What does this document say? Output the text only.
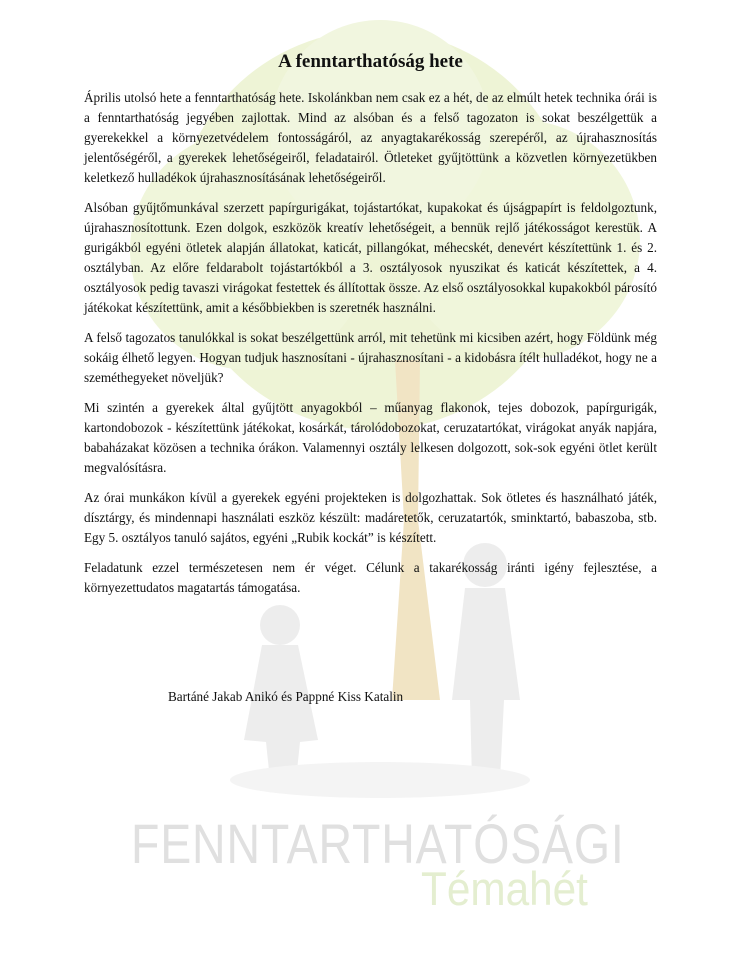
A fenntarthatóság hete

Április utolsó hete a fenntarthatóság hete. Iskolánkban nem csak ez a hét, de az elmúlt hetek technika órái is a fenntarthatóság jegyében zajlottak. Mind az alsóban és a felső tagozaton is sokat beszélgettük a gyerekekkel a környezetvédelem fontosságáról, az anyagtakarékosság szerepéről, az újrahasznosítás jelentőségéről, a gyerekek lehetőségeiről, feladatairól. Ötleteket gyűjtöttünk a közvetlen környezetükben keletkező hulladékok újrahasznosításának lehetőségeiről.

Alsóban gyűjtőmunkával szerzett papírgurigákat, tojástartókat, kupakokat és újságpapírt is feldolgoztunk, újrahasznosítottunk. Ezen dolgok, eszközök kreatív lehetőségeit, a bennük rejlő játékosságot kerestük. A gurigákból egyéni ötletek alapján állatokat, katicát, pillangókat, méhecskét, denevért készítettünk 1. és 2. osztályban. Az előre feldarabolt tojástartókból a 3. osztályosok nyuszikat és katicát készítettek, a 4. osztályosok pedig tavaszi virágokat festettek és állítottak össze. Az első osztályosokkal kupakokból párosító játékokat készítettünk, amit a későbbiekben is szeretnék használni.

A felső tagozatos tanulókkal is sokat beszélgettünk arról, mit tehetünk mi kicsiben azért, hogy Földünk még sokáig élhető legyen. Hogyan tudjuk hasznosítani - újrahasznosítani - a kidobásra ítélt hulladékot, hogy ne a szeméthegyeket növeljük?

Mi szintén a gyerekek által gyűjtött anyagokból – műanyag flakonok, tejes dobozok, papírgurigák, kartondobozok - készítettünk játékokat, kosárkát, tárolódobozokat, ceruzatartókat, virágokat anyák napjára, babaházakat közösen a technika órákon. Valamennyi osztály lelkesen dolgozott, sok-sok egyéni ötlet került megvalósításra.

Az órai munkákon kívül a gyerekek egyéni projekteken is dolgozhattak. Sok ötletes és használható játék, dísztárgy, és mindennapi használati eszköz készült: madáretetők, ceruzatartók, sminktartó, babaszoba, stb. Egy 5. osztályos tanuló sajátos, egyéni „Rubik kockát” is készített.

Feladatunk ezzel természetesen nem ér véget. Célunk a takarékosság iránti igény fejlesztése, a környezettudatos magatartás támogatása.

Bartáné Jakab Anikó és Pappné Kiss Katalin

FENNTARTHATÓSÁGI

Témahét
